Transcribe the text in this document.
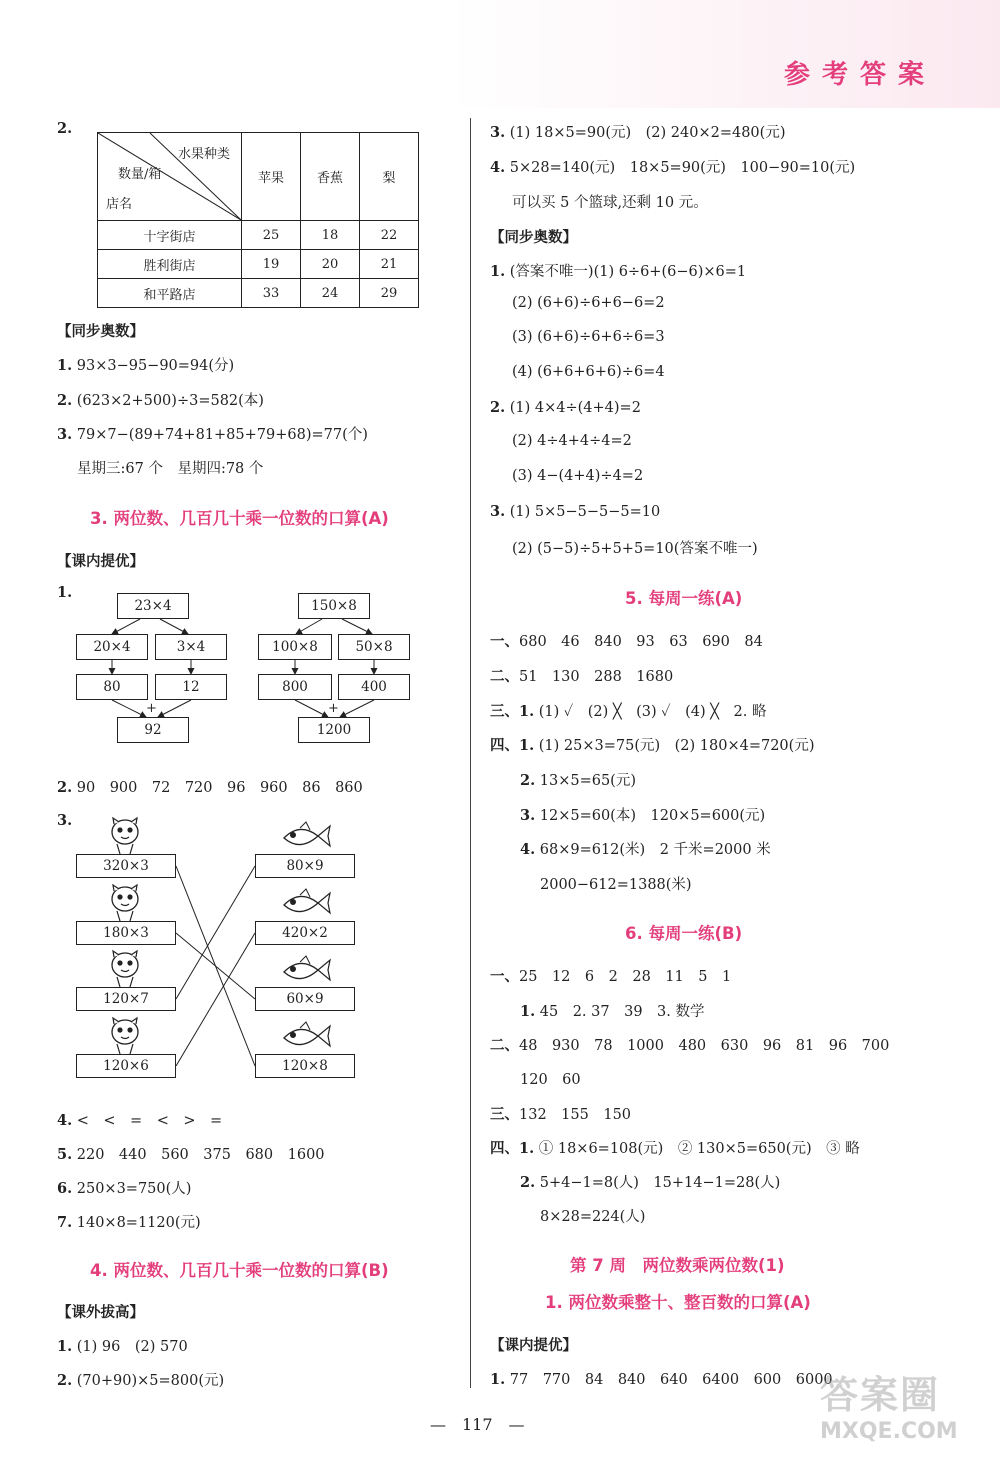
参考答案
2.
水果种类
数量/箱
店名	苹果	香蕉	梨
十字街店	25	18	22
胜利街店	19	20	21
和平路店	33	24	29
【同步奥数】
1. 93×3−95−90=94(分)
2. (623×2+500)÷3=582(本)
3. 79×7−(89+74+81+85+79+68)=77(个)
星期三:67 个　星期四:78 个
3. 两位数、几百几十乘一位数的口算(A)
【课内提优】
1.
23×4
20×4	3×4
80	12
+
92
150×8
100×8	50×8
800	400
+
1200
2. 90　900　72　720　96　960　86　860
3.
320×3
180×3
120×7
120×6
80×9
420×2
60×9
120×8
4. <　<　=　<　>　=
5. 220　440　560　375　680　1600
6. 250×3=750(人)
7. 140×8=1120(元)
4. 两位数、几百几十乘一位数的口算(B)
【课外拔高】
1. (1) 96　(2) 570
2. (70+90)×5=800(元)
3. (1) 18×5=90(元)　(2) 240×2=480(元)
4. 5×28=140(元)　18×5=90(元)　100−90=10(元)
可以买 5 个篮球,还剩 10 元。
【同步奥数】
1. (答案不唯一)(1) 6÷6+(6−6)×6=1
(2) (6+6)÷6+6−6=2
(3) (6+6)÷6+6÷6=3
(4) (6+6+6+6)÷6=4
2. (1) 4×4÷(4+4)=2
(2) 4÷4+4÷4=2
(3) 4−(4+4)÷4=2
3. (1) 5×5−5−5−5=10
(2) (5−5)÷5+5+5=10(答案不唯一)
5. 每周一练(A)
一、680　46　840　93　63　690　84
二、51　130　288　1680
三、1. (1) ✓　(2) ╳　(3) ✓　(4) ╳　2. 略
四、1. (1) 25×3=75(元)　(2) 180×4=720(元)
2. 13×5=65(元)
3. 12×5=60(本)　120×5=600(元)
4. 68×9=612(米)　2 千米=2000 米
2000−612=1388(米)
6. 每周一练(B)
一、25　12　6　2　28　11　5　1
1. 45　2. 37　39　3. 数学
二、48　930　78　1000　480　630　96　81　96　700
120　60
三、132　155　150
四、1. ① 18×6=108(元)　② 130×5=650(元)　③ 略
2. 5+4−1=8(人)　15+14−1=28(人)
8×28=224(人)
第 7 周　两位数乘两位数(1)
1. 两位数乘整十、整百数的口算(A)
【课内提优】
1. 77　770　84　840　640　6400　600　6000
—　117　—
答案圈
MXQE.COM
